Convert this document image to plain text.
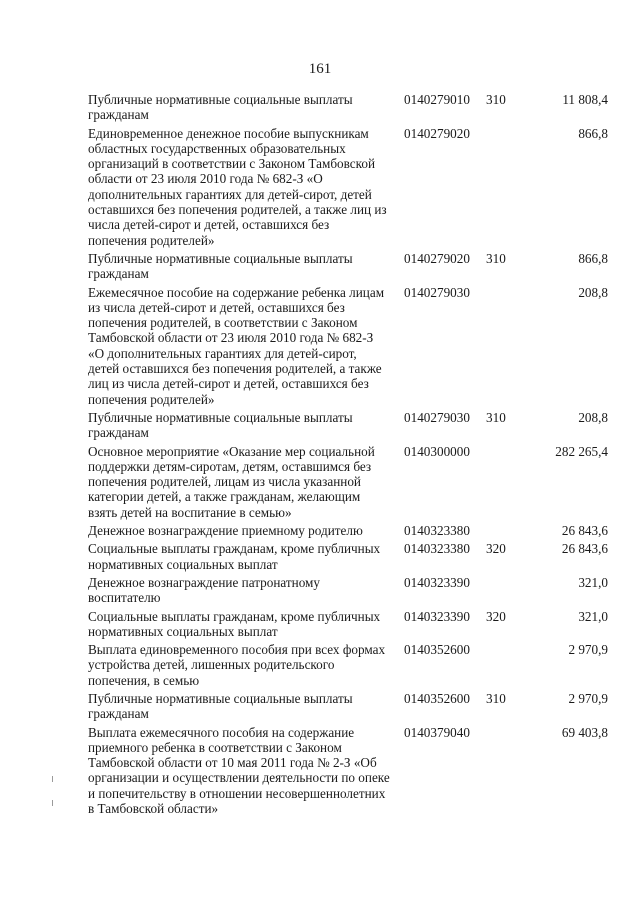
161
Публичные нормативные социальные выплаты гражданам	0140279010	310	11 808,4
Единовременное денежное пособие выпускникам областных государственных образовательных организаций в соответствии с Законом Тамбовской области от 23 июля 2010 года № 682-З «О дополнительных гарантиях для детей-сирот, детей оставшихся без попечения родителей, а также лиц из числа детей-сирот и детей, оставшихся без попечения родителей»	0140279020		866,8
Публичные нормативные социальные выплаты гражданам	0140279020	310	866,8
Ежемесячное пособие на содержание ребенка лицам из числа детей-сирот и детей, оставшихся без попечения родителей, в соответствии с Законом Тамбовской области от 23 июля 2010 года № 682-З «О дополнительных гарантиях для детей-сирот, детей оставшихся без попечения родителей, а также лиц из числа детей-сирот и детей, оставшихся без попечения родителей»	0140279030		208,8
Публичные нормативные социальные выплаты гражданам	0140279030	310	208,8
Основное мероприятие «Оказание мер социальной поддержки детям-сиротам, детям, оставшимся без попечения родителей, лицам из числа указанной категории детей, а также гражданам, желающим взять детей на воспитание в семью»	0140300000		282 265,4
Денежное вознаграждение приемному родителю	0140323380		26 843,6
Социальные выплаты гражданам, кроме публичных нормативных социальных выплат	0140323380	320	26 843,6
Денежное вознаграждение патронатному воспитателю	0140323390		321,0
Социальные выплаты гражданам, кроме публичных нормативных социальных выплат	0140323390	320	321,0
Выплата единовременного пособия при всех формах устройства детей, лишенных родительского попечения, в семью	0140352600		2 970,9
Публичные нормативные социальные выплаты гражданам	0140352600	310	2 970,9
Выплата ежемесячного пособия на содержание приемного ребенка в соответствии с Законом Тамбовской области от 10 мая 2011 года № 2-З «Об организации и осуществлении деятельности по опеке и попечительству в отношении несовершеннолетних в Тамбовской области»	0140379040		69 403,8
